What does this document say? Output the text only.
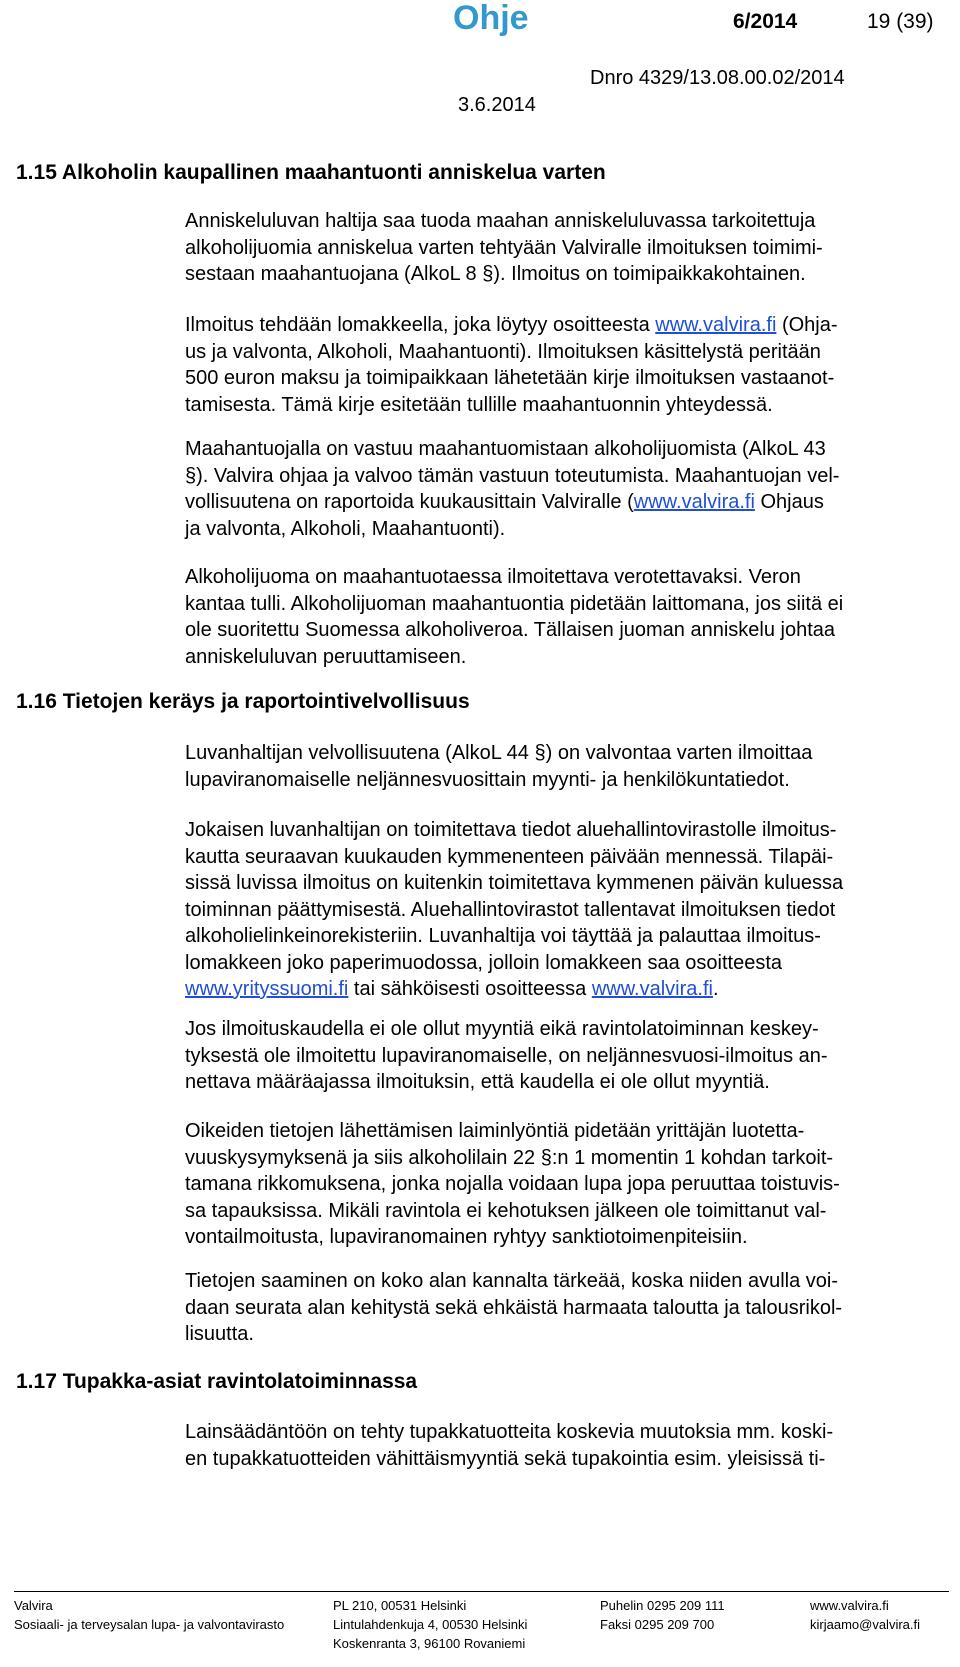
Ohje	6/2014	19 (39)
Dnro 4329/13.08.00.02/2014
3.6.2014
1.15 Alkoholin kaupallinen maahantuonti anniskelua varten
Anniskeluluvan haltija saa tuoda maahan anniskeluluvassa tarkoitettuja
alkoholijuomia anniskelua varten tehtyään Valviralle ilmoituksen toimimi-
sestaan maahantuojana (AlkoL 8 §). Ilmoitus on toimipaikkakohtainen.
Ilmoitus tehdään lomakkeella, joka löytyy osoitteesta www.valvira.fi (Ohja-
us ja valvonta, Alkoholi, Maahantuonti). Ilmoituksen käsittelystä peritään
500 euron maksu ja toimipaikkaan lähetetään kirje ilmoituksen vastaanot-
tamisesta. Tämä kirje esitetään tullille maahantuonnin yhteydessä.
Maahantuojalla on vastuu maahantuomistaan alkoholijuomista (AlkoL 43
§). Valvira ohjaa ja valvoo tämän vastuun toteutumista. Maahantuojan vel-
vollisuutena on raportoida kuukausittain Valviralle (www.valvira.fi Ohjaus
ja valvonta, Alkoholi, Maahantuonti).
Alkoholijuoma on maahantuotaessa ilmoitettava verotettavaksi. Veron
kantaa tulli. Alkoholijuoman maahantuontia pidetään laittomana, jos siitä ei
ole suoritettu Suomessa alkoholiveroa. Tällaisen juoman anniskelu johtaa
anniskeluluvan peruuttamiseen.
1.16 Tietojen keräys ja raportointivelvollisuus
Luvanhaltijan velvollisuutena (AlkoL 44 §) on valvontaa varten ilmoittaa
lupaviranomaiselle neljännesvuosittain myynti- ja henkilökuntatiedot.
Jokaisen luvanhaltijan on toimitettava tiedot aluehallintovirastolle ilmoitus-
kautta seuraavan kuukauden kymmenenteen päivään mennessä. Tilapäi-
sissä luvissa ilmoitus on kuitenkin toimitettava kymmenen päivän kuluessa
toiminnan päättymisestä. Aluehallintovirastot tallentavat ilmoituksen tiedot
alkoholielinkeinorekisteriin. Luvanhaltija voi täyttää ja palauttaa ilmoitus-
lomakkeen joko paperimuodossa, jolloin lomakkeen saa osoitteesta
www.yrityssuomi.fi tai sähköisesti osoitteessa www.valvira.fi.
Jos ilmoituskaudella ei ole ollut myyntiä eikä ravintolatoiminnan keskey-
tyksestä ole ilmoitettu lupaviranomaiselle, on neljännesvuosi-ilmoitus an-
nettava määräajassa ilmoituksin, että kaudella ei ole ollut myyntiä.
Oikeiden tietojen lähettämisen laiminlyöntiä pidetään yrittäjän luotetta-
vuuskysymyksenä ja siis alkoholilain 22 §:n 1 momentin 1 kohdan tarkoit-
tamana rikkomuksena, jonka nojalla voidaan lupa jopa peruuttaa toistuvis-
sa tapauksissa. Mikäli ravintola ei kehotuksen jälkeen ole toimittanut val-
vontailmoitusta, lupaviranomainen ryhtyy sanktiotoimenpiteisiin.
Tietojen saaminen on koko alan kannalta tärkeää, koska niiden avulla voi-
daan seurata alan kehitystä sekä ehkäistä harmaata taloutta ja talousrikol-
lisuutta.
1.17 Tupakka-asiat ravintolatoiminnassa
Lainsäädäntöön on tehty tupakkatuotteita koskevia muutoksia mm. koski-
en tupakkatuotteiden vähittäismyyntiä sekä tupakointia esim. yleisissä ti-
Valvira
Sosiaali- ja terveysalan lupa- ja valvontavirasto
PL 210, 00531 Helsinki
Lintulahdenkuja 4, 00530 Helsinki
Koskenranta 3, 96100 Rovaniemi
Puhelin 0295 209 111
Faksi 0295 209 700
www.valvira.fi
kirjaamo@valvira.fi
